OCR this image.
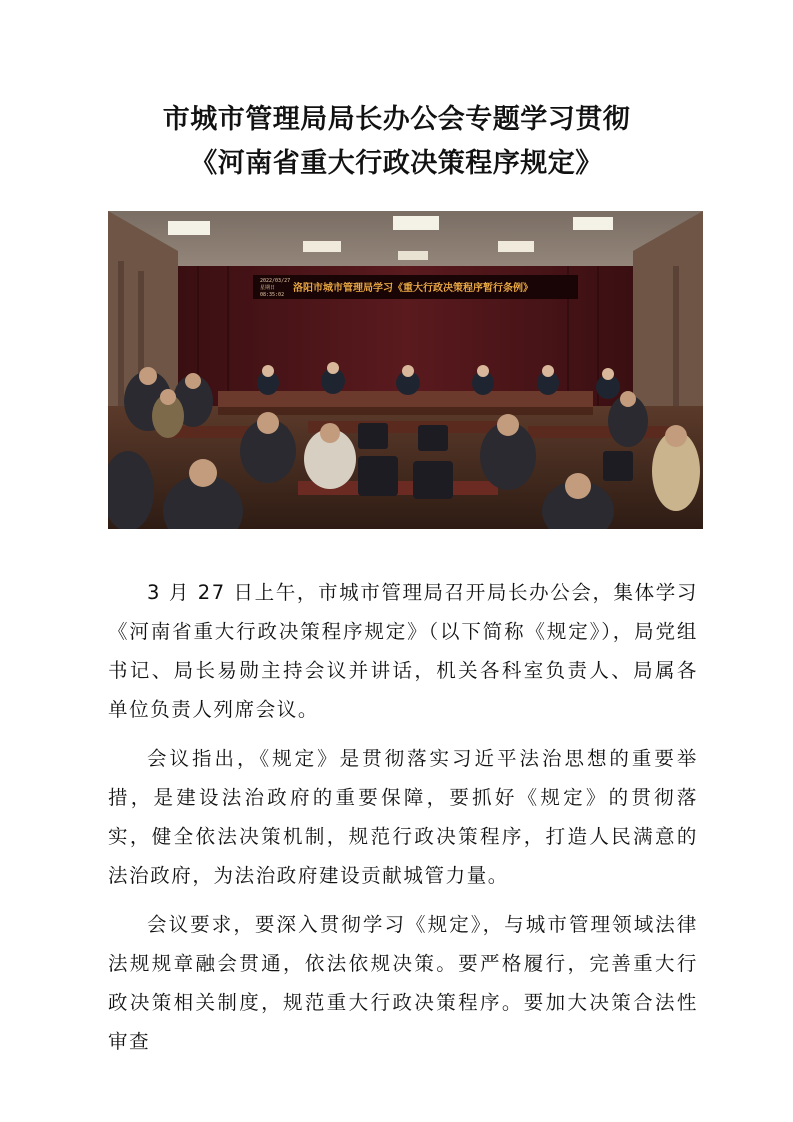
市城市管理局局长办公会专题学习贯彻
《河南省重大行政决策程序规定》
2022/03/27
星期日
08:35:02
洛阳市城市管理局学习《重大行政决策程序暂行条例》

3 月 27 日上午，市城市管理局召开局长办公会，集体学习《河南省重大行政决策程序规定》（以下简称《规定》），局党组书记、局长易勋主持会议并讲话，机关各科室负责人、局属各单位负责人列席会议。

会议指出，《规定》是贯彻落实习近平法治思想的重要举措，是建设法治政府的重要保障，要抓好《规定》的贯彻落实，健全依法决策机制，规范行政决策程序，打造人民满意的法治政府，为法治政府建设贡献城管力量。

会议要求，要深入贯彻学习《规定》，与城市管理领域法律法规规章融会贯通，依法依规决策。要严格履行，完善重大行政决策相关制度，规范重大行政决策程序。要加大决策合法性审查
